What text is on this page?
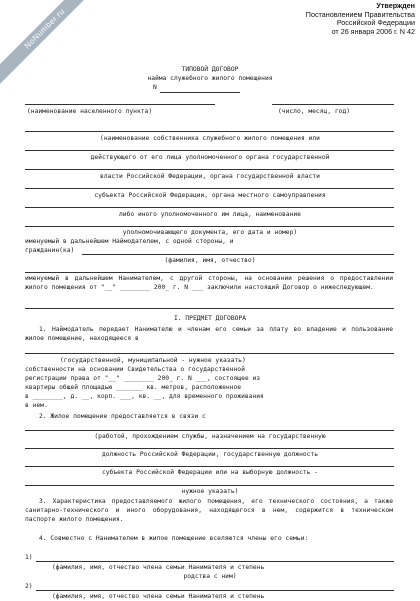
NoNumber.ru
Утвержден
Постановлением Правительства
Российской Федерации
от 26 января 2006 г. N 42
ТИПОВОЙ ДОГОВОР
найма служебного жилого помещения
N
(наименование населенного пункта)	(число, месяц, год)
(наименование собственника служебного жилого помещения или
действующего от его лица уполномоченного органа государственной
власти Российской Федерации, органа государственной власти
субъекта Российской Федерации, органа местного самоуправления
либо иного уполномоченного им лица, наименование
уполномочивающего документа, его дата и номер)
именуемый в дальнейшем Наймодателем, с одной стороны, и
гражданин(ка)
(фамилия, имя, отчество)
именуемый в дальнейшем Нанимателем, с другой стороны, на основании решения о предоставлении жилого помещения от "__" ________ 200_ г. N ___ заключили настоящий Договор о нижеследующем.
I. ПРЕДМЕТ ДОГОВОРА
1. Наймодатель передает Нанимателю и членам его семьи за плату во владение и пользование жилое помещение, находящееся в
(государственной, муниципальной - нужное указать)
собственности на основании Свидетельства о государственной
регистрации права от "__" ________ 200_ г. N ___, состоящее из
квартиры общей площадью _______ кв. метров, расположенное
в ________, д. __, корп. ___, кв. __, для временного проживания
в нем.
2. Жилое помещение предоставляется в связи с
(работой, прохождением службы, назначением на государственную
должность Российской Федерации, государственную должность
субъекта Российской Федерации или на выборную должность -
нужное указать)
3. Характеристика предоставляемого жилого помещения, его технического состояния, а также санитарно-технического и иного оборудования, находящегося в нем, содержится в техническом паспорте жилого помещения.
4. Совместно с Нанимателем в жилое помещение вселяются члены его семьи:
1)
(фамилия, имя, отчество члена семьи Нанимателя и степень
родства с ним)
2)
(фамилия, имя, отчество члена семьи Нанимателя и степень
